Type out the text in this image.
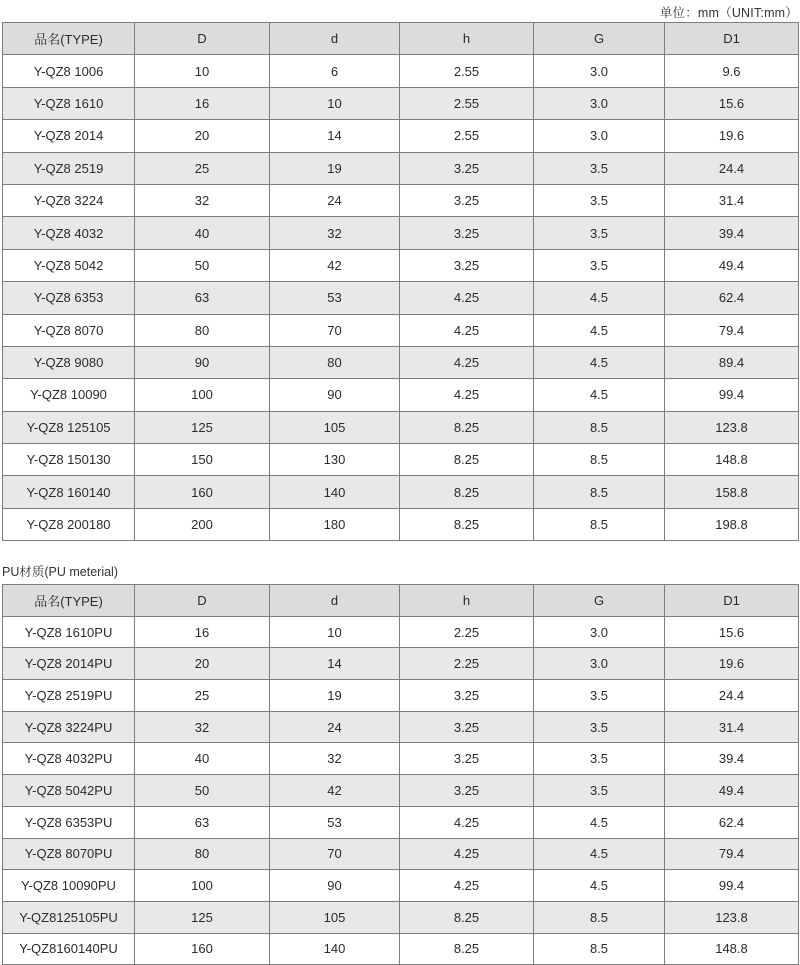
单位：mm（UNIT:mm）
品名(TYPE)	D	d	h	G	D1
Y-QZ8 1006	10	6	2.55	3.0	9.6
Y-QZ8 1610	16	10	2.55	3.0	15.6
Y-QZ8 2014	20	14	2.55	3.0	19.6
Y-QZ8 2519	25	19	3.25	3.5	24.4
Y-QZ8 3224	32	24	3.25	3.5	31.4
Y-QZ8 4032	40	32	3.25	3.5	39.4
Y-QZ8 5042	50	42	3.25	3.5	49.4
Y-QZ8 6353	63	53	4.25	4.5	62.4
Y-QZ8 8070	80	70	4.25	4.5	79.4
Y-QZ8 9080	90	80	4.25	4.5	89.4
Y-QZ8 10090	100	90	4.25	4.5	99.4
Y-QZ8 125105	125	105	8.25	8.5	123.8
Y-QZ8 150130	150	130	8.25	8.5	148.8
Y-QZ8 160140	160	140	8.25	8.5	158.8
Y-QZ8 200180	200	180	8.25	8.5	198.8
PU材质(PU meterial)
品名(TYPE)	D	d	h	G	D1
Y-QZ8 1610PU	16	10	2.25	3.0	15.6
Y-QZ8 2014PU	20	14	2.25	3.0	19.6
Y-QZ8 2519PU	25	19	3.25	3.5	24.4
Y-QZ8 3224PU	32	24	3.25	3.5	31.4
Y-QZ8 4032PU	40	32	3.25	3.5	39.4
Y-QZ8 5042PU	50	42	3.25	3.5	49.4
Y-QZ8 6353PU	63	53	4.25	4.5	62.4
Y-QZ8 8070PU	80	70	4.25	4.5	79.4
Y-QZ8 10090PU	100	90	4.25	4.5	99.4
Y-QZ8125105PU	125	105	8.25	8.5	123.8
Y-QZ8160140PU	160	140	8.25	8.5	148.8
